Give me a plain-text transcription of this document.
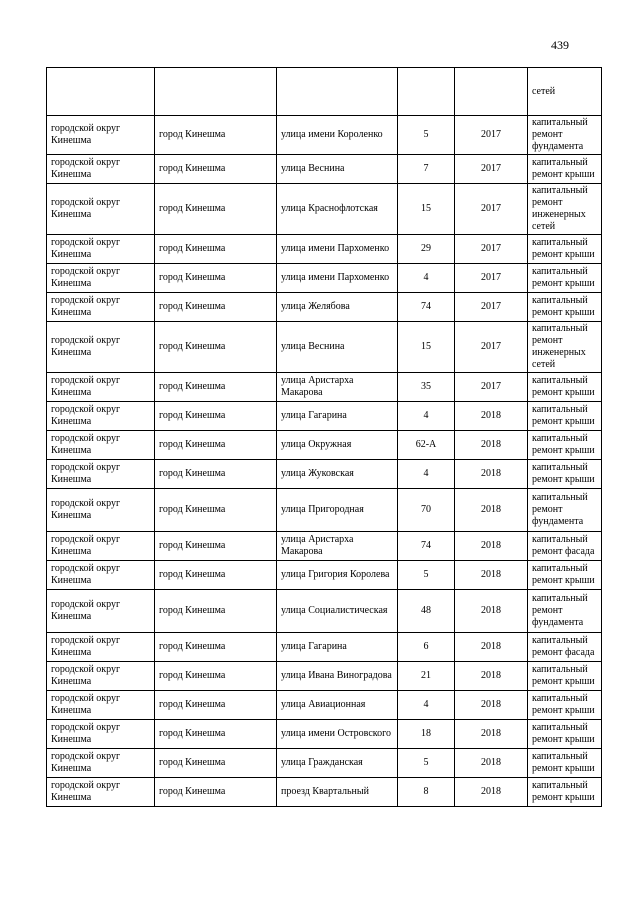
439
					сетей
городской округ Кинешма	город Кинешма	улица имени Короленко	5	2017	капитальный ремонт фундамента
городской округ Кинешма	город Кинешма	улица Веснина	7	2017	капитальный ремонт крыши
городской округ Кинешма	город Кинешма	улица Краснофлотская	15	2017	капитальный ремонт инженерных сетей
городской округ Кинешма	город Кинешма	улица имени Пархоменко	29	2017	капитальный ремонт крыши
городской округ Кинешма	город Кинешма	улица имени Пархоменко	4	2017	капитальный ремонт крыши
городской округ Кинешма	город Кинешма	улица Желябова	74	2017	капитальный ремонт крыши
городской округ Кинешма	город Кинешма	улица Веснина	15	2017	капитальный ремонт инженерных сетей
городской округ Кинешма	город Кинешма	улица Аристарха Макарова	35	2017	капитальный ремонт крыши
городской округ Кинешма	город Кинешма	улица Гагарина	4	2018	капитальный ремонт крыши
городской округ Кинешма	город Кинешма	улица Окружная	62-А	2018	капитальный ремонт крыши
городской округ Кинешма	город Кинешма	улица Жуковская	4	2018	капитальный ремонт крыши
городской округ Кинешма	город Кинешма	улица Пригородная	70	2018	капитальный ремонт фундамента
городской округ Кинешма	город Кинешма	улица Аристарха Макарова	74	2018	капитальный ремонт фасада
городской округ Кинешма	город Кинешма	улица Григория Королева	5	2018	капитальный ремонт крыши
городской округ Кинешма	город Кинешма	улица Социалистическая	48	2018	капитальный ремонт фундамента
городской округ Кинешма	город Кинешма	улица Гагарина	6	2018	капитальный ремонт фасада
городской округ Кинешма	город Кинешма	улица Ивана Виноградова	21	2018	капитальный ремонт крыши
городской округ Кинешма	город Кинешма	улица Авиационная	4	2018	капитальный ремонт крыши
городской округ Кинешма	город Кинешма	улица имени Островского	18	2018	капитальный ремонт крыши
городской округ Кинешма	город Кинешма	улица Гражданская	5	2018	капитальный ремонт крыши
городской округ Кинешма	город Кинешма	проезд Квартальный	8	2018	капитальный ремонт крыши
